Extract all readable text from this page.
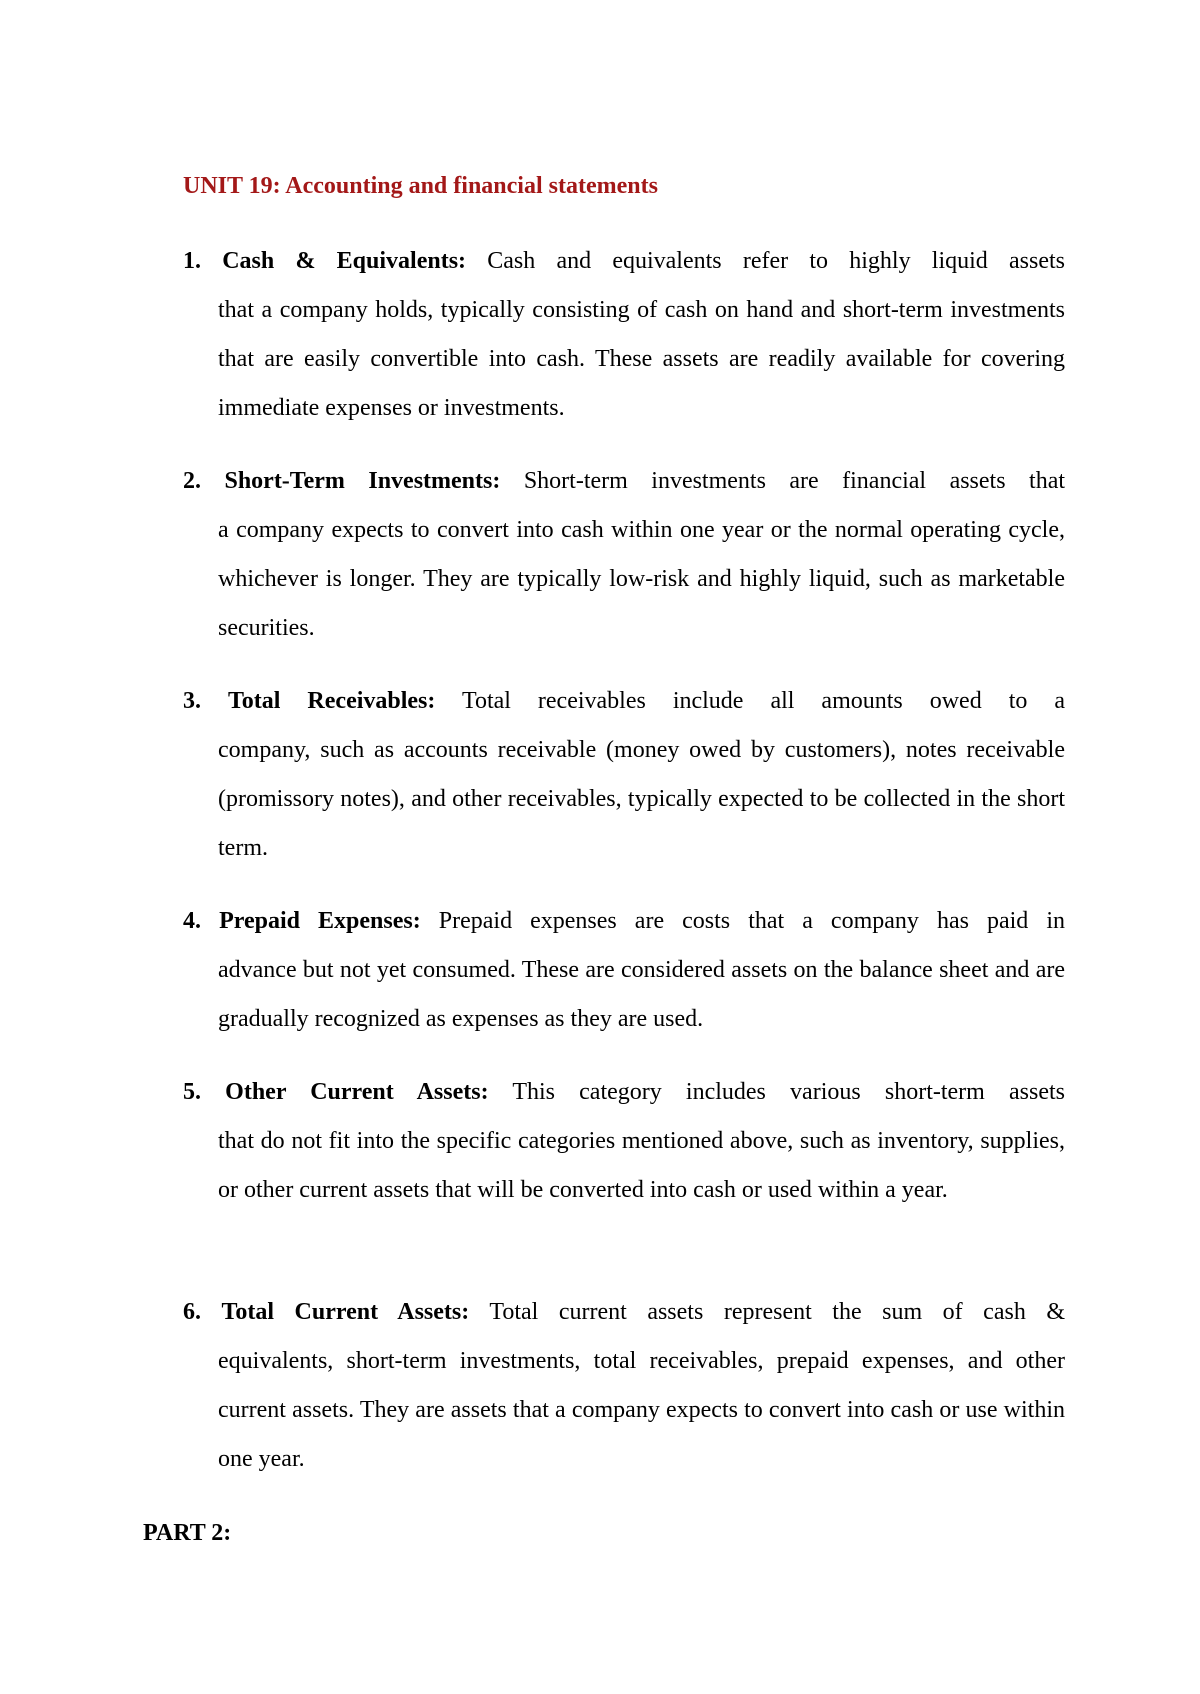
UNIT 19: Accounting and financial statements
1. Cash & Equivalents: Cash and equivalents refer to highly liquid assets
that a company holds, typically consisting of cash on hand and short-term investments that are easily convertible into cash. These assets are readily available for covering immediate expenses or investments.
2. Short-Term Investments: Short-term investments are financial assets that
a company expects to convert into cash within one year or the normal operating cycle, whichever is longer. They are typically low-risk and highly liquid, such as marketable securities.
3. Total Receivables: Total receivables include all amounts owed to a
company, such as accounts receivable (money owed by customers), notes receivable (promissory notes), and other receivables, typically expected to be collected in the short term.
4. Prepaid Expenses: Prepaid expenses are costs that a company has paid in
advance but not yet consumed. These are considered assets on the balance sheet and are gradually recognized as expenses as they are used.
5. Other Current Assets: This category includes various short-term assets
that do not fit into the specific categories mentioned above, such as inventory, supplies, or other current assets that will be converted into cash or used within a year.
6. Total Current Assets: Total current assets represent the sum of cash &
equivalents, short-term investments, total receivables, prepaid expenses, and other current assets. They are assets that a company expects to convert into cash or use within one year.
PART 2:
